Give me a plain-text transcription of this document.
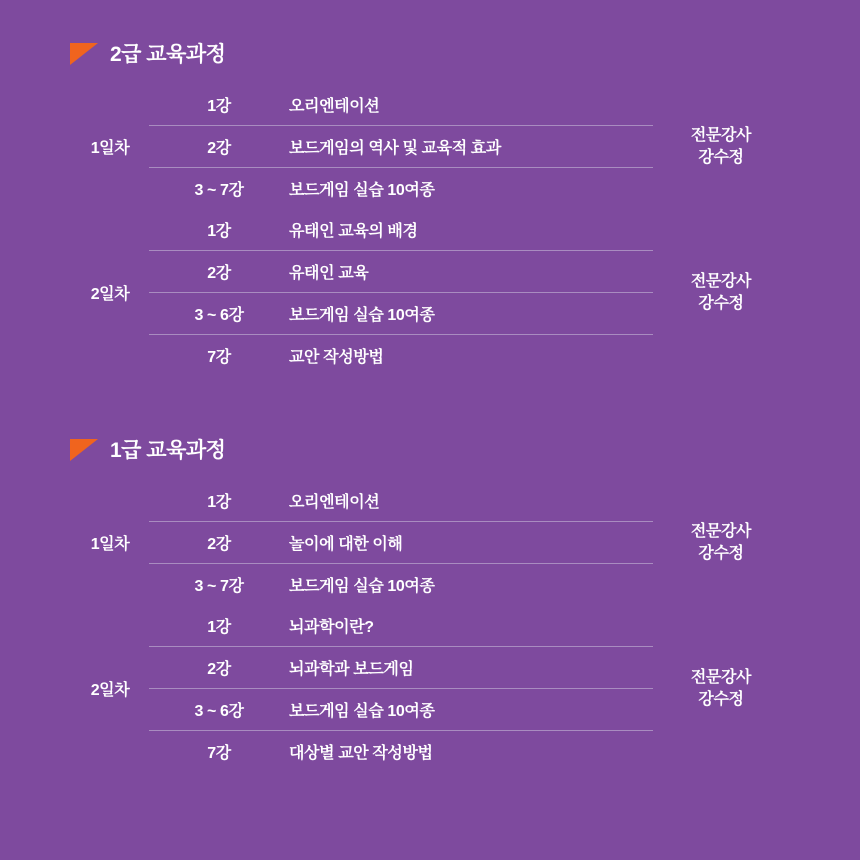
2급 교육과정
1일차	1강	오리엔테이션	전문강사
강수정
	2강	보드게임의 역사 및 교육적 효과	
	3 ~ 7강	보드게임 실습 10여종	
2일차	1강	유태인 교육의 배경	전문강사
강수정
	2강	유태인 교육	
	3 ~ 6강	보드게임 실습 10여종	
	7강	교안 작성방법	
1급 교육과정
1일차	1강	오리엔테이션	전문강사
강수정
	2강	놀이에 대한 이해	
	3 ~ 7강	보드게임 실습 10여종	
2일차	1강	뇌과학이란?	전문강사
강수정
	2강	뇌과학과 보드게임	
	3 ~ 6강	보드게임 실습 10여종	
	7강	대상별 교안 작성방법	
